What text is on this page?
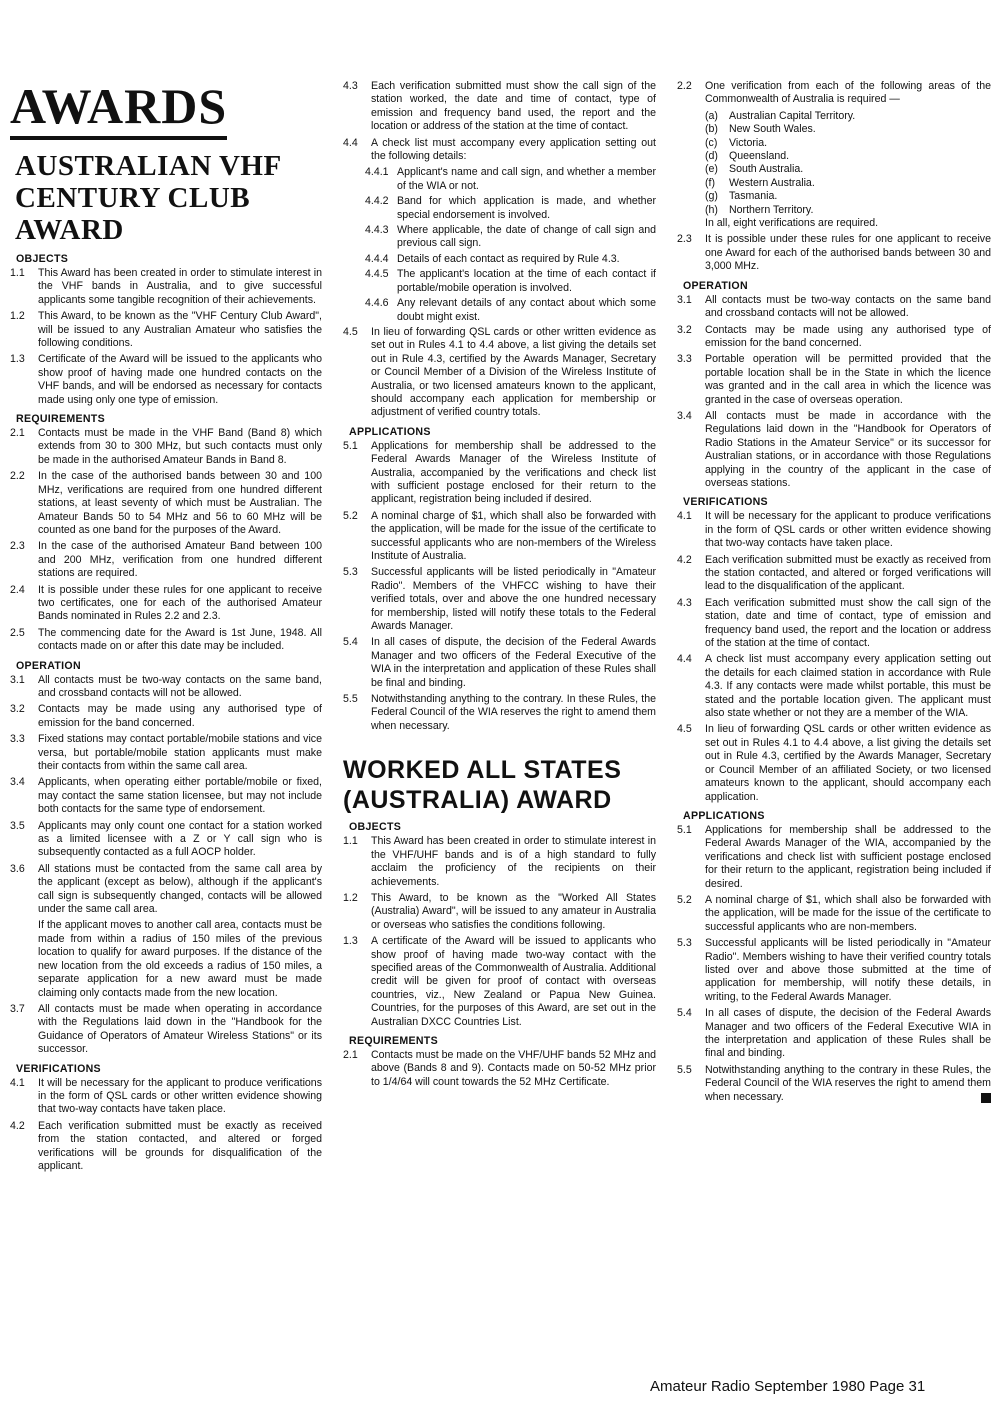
AWARDS
AUSTRALIAN VHF
CENTURY CLUB
AWARD
OBJECTS
1.1	This Award has been created in order to stimulate interest in the VHF bands in Australia, and to give successful applicants some tangible recognition of their achievements.
1.2	This Award, to be known as the "VHF Century Club Award", will be issued to any Australian Amateur who satisfies the following conditions.
1.3	Certificate of the Award will be issued to the applicants who show proof of having made one hundred contacts on the VHF bands, and will be endorsed as necessary for contacts made using only one type of emission.
REQUIREMENTS
2.1	Contacts must be made in the VHF Band (Band 8) which extends from 30 to 300 MHz, but such contacts must only be made in the authorised Amateur Bands in Band 8.
2.2	In the case of the authorised bands between 30 and 100 MHz, verifications are required from one hundred different stations, at least seventy of which must be Australian. The Amateur Bands 50 to 54 MHz and 56 to 60 MHz will be counted as one band for the purposes of the Award.
2.3	In the case of the authorised Amateur Band between 100 and 200 MHz, verification from one hundred different stations are required.
2.4	It is possible under these rules for one applicant to receive two certificates, one for each of the authorised Amateur Bands nominated in Rules 2.2 and 2.3.
2.5	The commencing date for the Award is 1st June, 1948. All contacts made on or after this date may be included.
OPERATION
3.1	All contacts must be two-way contacts on the same band, and crossband contacts will not be allowed.
3.2	Contacts may be made using any authorised type of emission for the band concerned.
3.3	Fixed stations may contact portable/mobile stations and vice versa, but portable/mobile station applicants must make their contacts from within the same call area.
3.4	Applicants, when operating either portable/mobile or fixed, may contact the same station licensee, but may not include both contacts for the same type of endorsement.
3.5	Applicants may only count one contact for a station worked as a limited licensee with a Z or Y call sign who is subsequently contacted as a full AOCP holder.
3.6	All stations must be contacted from the same call area by the applicant (except as below), although if the applicant's call sign is subsequently changed, contacts will be allowed under the same call area.
If the applicant moves to another call area, contacts must be made from within a radius of 150 miles of the previous location to qualify for award purposes. If the distance of the new location from the old exceeds a radius of 150 miles, a separate application for a new award must be made claiming only contacts made from the new location.
3.7	All contacts must be made when operating in accordance with the Regulations laid down in the "Handbook for the Guidance of Operators of Amateur Wireless Stations" or its successor.
VERIFICATIONS
4.1	It will be necessary for the applicant to produce verifications in the form of QSL cards or other written evidence showing that two-way contacts have taken place.
4.2	Each verification submitted must be exactly as received from the station contacted, and altered or forged verifications will be grounds for disqualification of the applicant.
4.3	Each verification submitted must show the call sign of the station worked, the date and time of contact, type of emission and frequency band used, the report and the location or address of the station at the time of contact.
4.4	A check list must accompany every application setting out the following details:
4.4.1 Applicant's name and call sign, and whether a member of the WIA or not.
4.4.2 Band for which application is made, and whether special endorsement is involved.
4.4.3 Where applicable, the date of change of call sign and previous call sign.
4.4.4 Details of each contact as required by Rule 4.3.
4.4.5 The applicant's location at the time of each contact if portable/mobile operation is involved.
4.4.6 Any relevant details of any contact about which some doubt might exist.
4.5	In lieu of forwarding QSL cards or other written evidence as set out in Rules 4.1 to 4.4 above, a list giving the details set out in Rule 4.3, certified by the Awards Manager, Secretary or Council Member of a Division of the Wireless Institute of Australia, or two licensed amateurs known to the applicant, should accompany each application for membership or adjustment of verified country totals.
APPLICATIONS
5.1	Applications for membership shall be addressed to the Federal Awards Manager of the Wireless Institute of Australia, accompanied by the verifications and check list with sufficient postage enclosed for their return to the applicant, registration being included if desired.
5.2	A nominal charge of $1, which shall also be forwarded with the application, will be made for the issue of the certificate to successful applicants who are non-members of the Wireless Institute of Australia.
5.3	Successful applicants will be listed periodically in "Amateur Radio". Members of the VHFCC wishing to have their verified totals, over and above the one hundred necessary for membership, listed will notify these totals to the Federal Awards Manager.
5.4	In all cases of dispute, the decision of the Federal Awards Manager and two officers of the Federal Executive of the WIA in the interpretation and application of these Rules shall be final and binding.
5.5	Notwithstanding anything to the contrary. In these Rules, the Federal Council of the WIA reserves the right to amend them when necessary.
WORKED ALL STATES
(AUSTRALIA) AWARD
OBJECTS
1.1	This Award has been created in order to stimulate interest in the VHF/UHF bands and is of a high standard to fully acclaim the proficiency of the recipients on their achievements.
1.2	This Award, to be known as the "Worked All States (Australia) Award", will be issued to any amateur in Australia or overseas who satisfies the conditions following.
1.3	A certificate of the Award will be issued to applicants who show proof of having made two-way contact with the specified areas of the Commonwealth of Australia. Additional credit will be given for proof of contact with overseas countries, viz., New Zealand or Papua New Guinea. Countries, for the purposes of this Award, are set out in the Australian DXCC Countries List.
REQUIREMENTS
2.1	Contacts must be made on the VHF/UHF bands 52 MHz and above (Bands 8 and 9). Contacts made on 50-52 MHz prior to 1/4/64 will count towards the 52 MHz Certificate.
2.2	One verification from each of the following areas of the Commonwealth of Australia is required —
(a)	Australian Capital Territory.
(b)	New South Wales.
(c)	Victoria.
(d)	Queensland.
(e)	South Australia.
(f)	Western Australia.
(g)	Tasmania.
(h)	Northern Territory.
In all, eight verifications are required.
2.3	It is possible under these rules for one applicant to receive one Award for each of the authorised bands between 30 and 3,000 MHz.
OPERATION
3.1	All contacts must be two-way contacts on the same band and crossband contacts will not be allowed.
3.2	Contacts may be made using any authorised type of emission for the band concerned.
3.3	Portable operation will be permitted provided that the portable location shall be in the State in which the licence was granted and in the call area in which the licence was granted in the case of overseas operation.
3.4	All contacts must be made in accordance with the Regulations laid down in the "Handbook for Operators of Radio Stations in the Amateur Service" or its successor for Australian stations, or in accordance with those Regulations applying in the country of the applicant in the case of overseas stations.
VERIFICATIONS
4.1	It will be necessary for the applicant to produce verifications in the form of QSL cards or other written evidence showing that two-way contacts have taken place.
4.2	Each verification submitted must be exactly as received from the station contacted, and altered or forged verifications will lead to the disqualification of the applicant.
4.3	Each verification submitted must show the call sign of the station, date and time of contact, type of emission and frequency band used, the report and the location or address of the station at the time of contact.
4.4	A check list must accompany every application setting out the details for each claimed station in accordance with Rule 4.3. If any contacts were made whilst portable, this must be stated and the portable location given. The applicant must also state whether or not they are a member of the WIA.
4.5	In lieu of forwarding QSL cards or other written evidence as set out in Rules 4.1 to 4.4 above, a list giving the details set out in Rule 4.3, certified by the Awards Manager, Secretary or Council Member of an affiliated Society, or two licensed amateurs known to the applicant, should accompany each application.
APPLICATIONS
5.1	Applications for membership shall be addressed to the Federal Awards Manager of the WIA, accompanied by the verifications and check list with sufficient postage enclosed for their return to the applicant, registration being included if desired.
5.2	A nominal charge of $1, which shall also be forwarded with the application, will be made for the issue of the certificate to successful applicants who are non-members.
5.3	Successful applicants will be listed periodically in "Amateur Radio". Members wishing to have their verified country totals listed over and above those submitted at the time of application for membership, will notify these details, in writing, to the Federal Awards Manager.
5.4	In all cases of dispute, the decision of the Federal Awards Manager and two officers of the Federal Executive WIA in the interpretation and application of these Rules shall be final and binding.
5.5	Notwithstanding anything to the contrary in these Rules, the Federal Council of the WIA reserves the right to amend them when necessary.
Amateur Radio September 1980 Page 31
